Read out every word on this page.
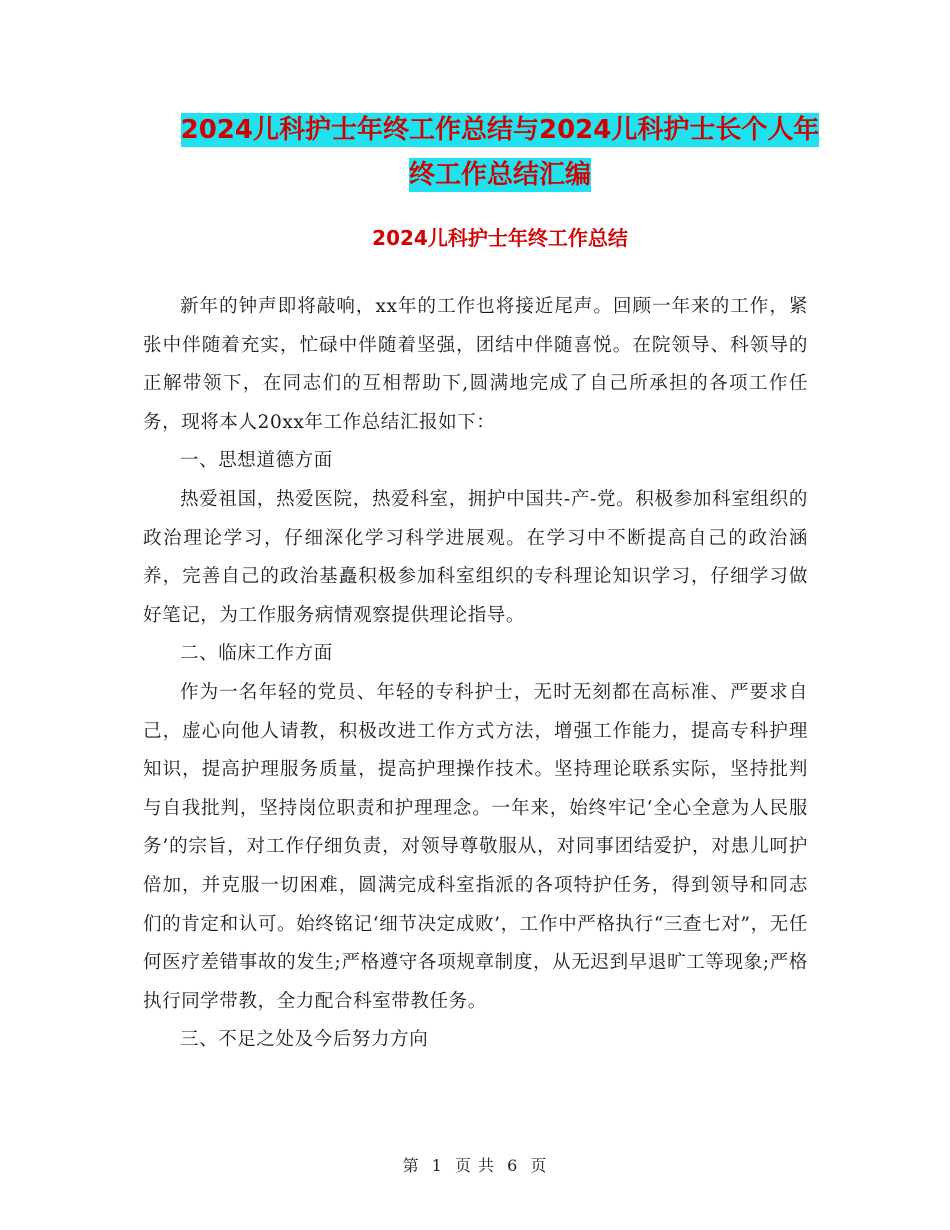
2024儿科护士年终工作总结与2024儿科护士长个人年
终工作总结汇编
2024儿科护士年终工作总结

新年的钟声即将敲响，xx年的工作也将接近尾声。回顾一年来的工作，紧张中伴随着充实，忙碌中伴随着坚强，团结中伴随喜悦。在院领导、科领导的正解带领下，在同志们的互相帮助下,圆满地完成了自己所承担的各项工作任务，现将本人20xx年工作总结汇报如下：

一、思想道德方面

热爱祖国，热爱医院，热爱科室，拥护中国共-产-党。积极参加科室组织的政治理论学习，仔细深化学习科学进展观。在学习中不断提高自己的政治涵养，完善自己的政治基矗积极参加科室组织的专科理论知识学习，仔细学习做好笔记，为工作服务病情观察提供理论指导。

二、临床工作方面

作为一名年轻的党员、年轻的专科护士，无时无刻都在高标准、严要求自己，虚心向他人请教，积极改进工作方式方法，增强工作能力，提高专科护理知识，提高护理服务质量，提高护理操作技术。坚持理论联系实际，坚持批判与自我批判，坚持岗位职责和护理理念。一年来，始终牢记‘全心全意为人民服务’的宗旨，对工作仔细负责，对领导尊敬服从，对同事团结爱护，对患儿呵护倍加，并克服一切困难，圆满完成科室指派的各项特护任务，得到领导和同志们的肯定和认可。始终铭记‘细节决定成败’，工作中严格执行“三查七对”，无任何医疗差错事故的发生;严格遵守各项规章制度，从无迟到早退旷工等现象;严格执行同学带教，全力配合科室带教任务。

三、不足之处及今后努力方向

第 1 页 共 6 页
